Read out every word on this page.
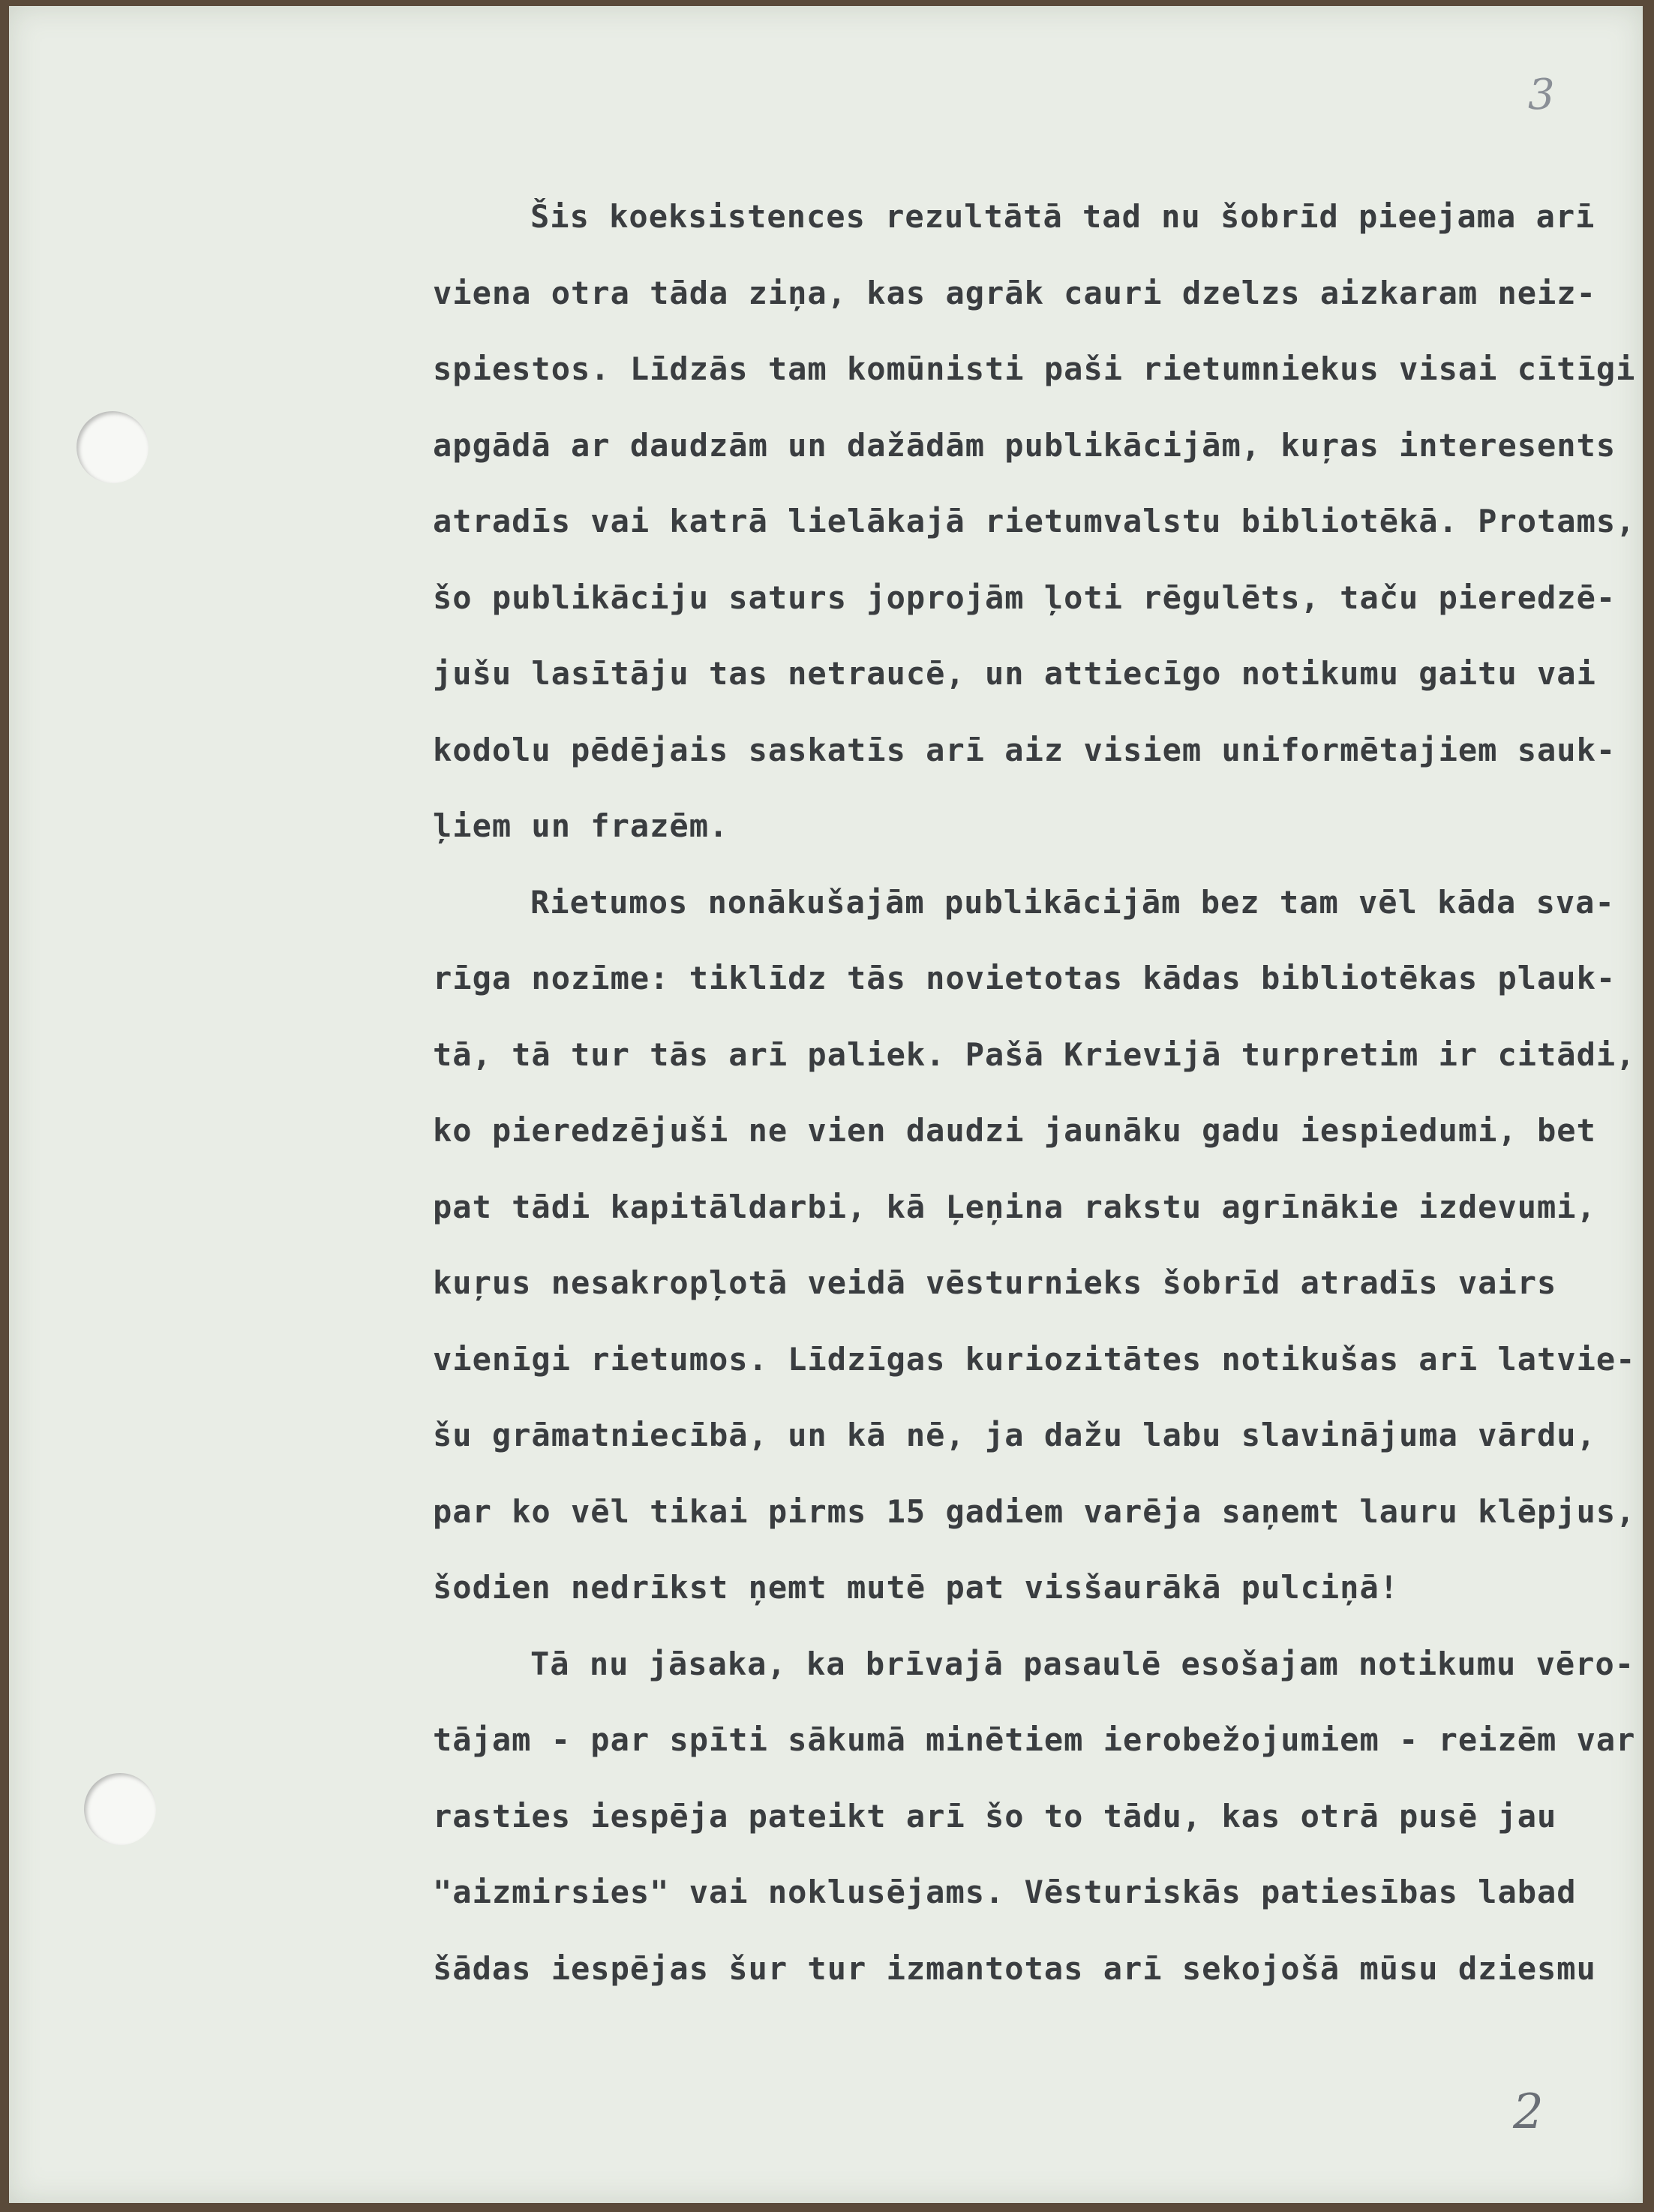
3
Šis koeksistences rezultātā tad nu šobrīd pieejama arī
viena otra tāda ziņa, kas agrāk cauri dzelzs aizkaram neiz-
spiestos. Līdzās tam komūnisti paši rietumniekus visai cītīgi
apgādā ar daudzām un dažādām publikācijām, kuŗas interesents
atradīs vai katrā lielākajā rietumvalstu bibliotēkā. Protams,
šo publikāciju saturs joprojām ļoti rēgulēts, taču pieredzē-
jušu lasītāju tas netraucē, un attiecīgo notikumu gaitu vai
kodolu pēdējais saskatīs arī aiz visiem uniformētajiem sauk-
ļiem un frazēm.
Rietumos nonākušajām publikācijām bez tam vēl kāda sva-
rīga nozīme: tiklīdz tās novietotas kādas bibliotēkas plauk-
tā, tā tur tās arī paliek. Pašā Krievijā turpretim ir citādi,
ko pieredzējuši ne vien daudzi jaunāku gadu iespiedumi, bet
pat tādi kapitāldarbi, kā Ļeņina rakstu agrīnākie izdevumi,
kuŗus nesakropļotā veidā vēsturnieks šobrīd atradīs vairs
vienīgi rietumos. Līdzīgas kuriozitātes notikušas arī latvie-
šu grāmatniecībā, un kā nē, ja dažu labu slavinājuma vārdu,
par ko vēl tikai pirms 15 gadiem varēja saņemt lauru klēpjus,
šodien nedrīkst ņemt mutē pat visšaurākā pulciņā!
Tā nu jāsaka, ka brīvajā pasaulē esošajam notikumu vēro-
tājam - par spīti sākumā minētiem ierobežojumiem - reizēm var
rasties iespēja pateikt arī šo to tādu, kas otrā pusē jau
"aizmirsies" vai noklusējams. Vēsturiskās patiesības labad
šādas iespējas šur tur izmantotas arī sekojošā mūsu dziesmu
2
